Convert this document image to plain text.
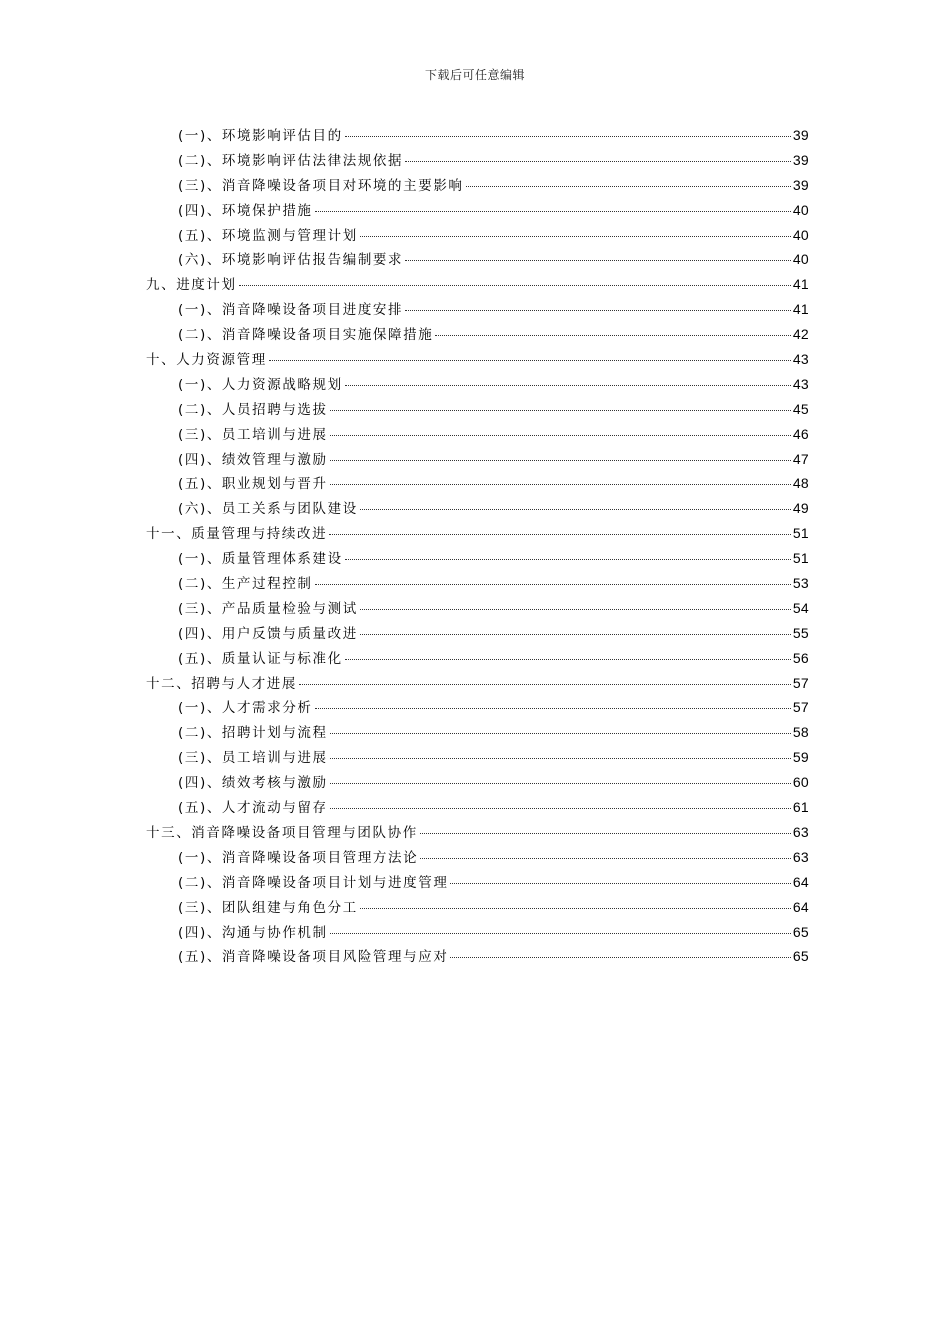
下载后可任意编辑
(一)、环境影响评估目的	39
(二)、环境影响评估法律法规依据	39
(三)、消音降噪设备项目对环境的主要影响	39
(四)、环境保护措施	40
(五)、环境监测与管理计划	40
(六)、环境影响评估报告编制要求	40
九、进度计划	41
(一)、消音降噪设备项目进度安排	41
(二)、消音降噪设备项目实施保障措施	42
十、人力资源管理	43
(一)、人力资源战略规划	43
(二)、人员招聘与选拔	45
(三)、员工培训与进展	46
(四)、绩效管理与激励	47
(五)、职业规划与晋升	48
(六)、员工关系与团队建设	49
十一、质量管理与持续改进	51
(一)、质量管理体系建设	51
(二)、生产过程控制	53
(三)、产品质量检验与测试	54
(四)、用户反馈与质量改进	55
(五)、质量认证与标准化	56
十二、招聘与人才进展	57
(一)、人才需求分析	57
(二)、招聘计划与流程	58
(三)、员工培训与进展	59
(四)、绩效考核与激励	60
(五)、人才流动与留存	61
十三、消音降噪设备项目管理与团队协作	63
(一)、消音降噪设备项目管理方法论	63
(二)、消音降噪设备项目计划与进度管理	64
(三)、团队组建与角色分工	64
(四)、沟通与协作机制	65
(五)、消音降噪设备项目风险管理与应对	65
